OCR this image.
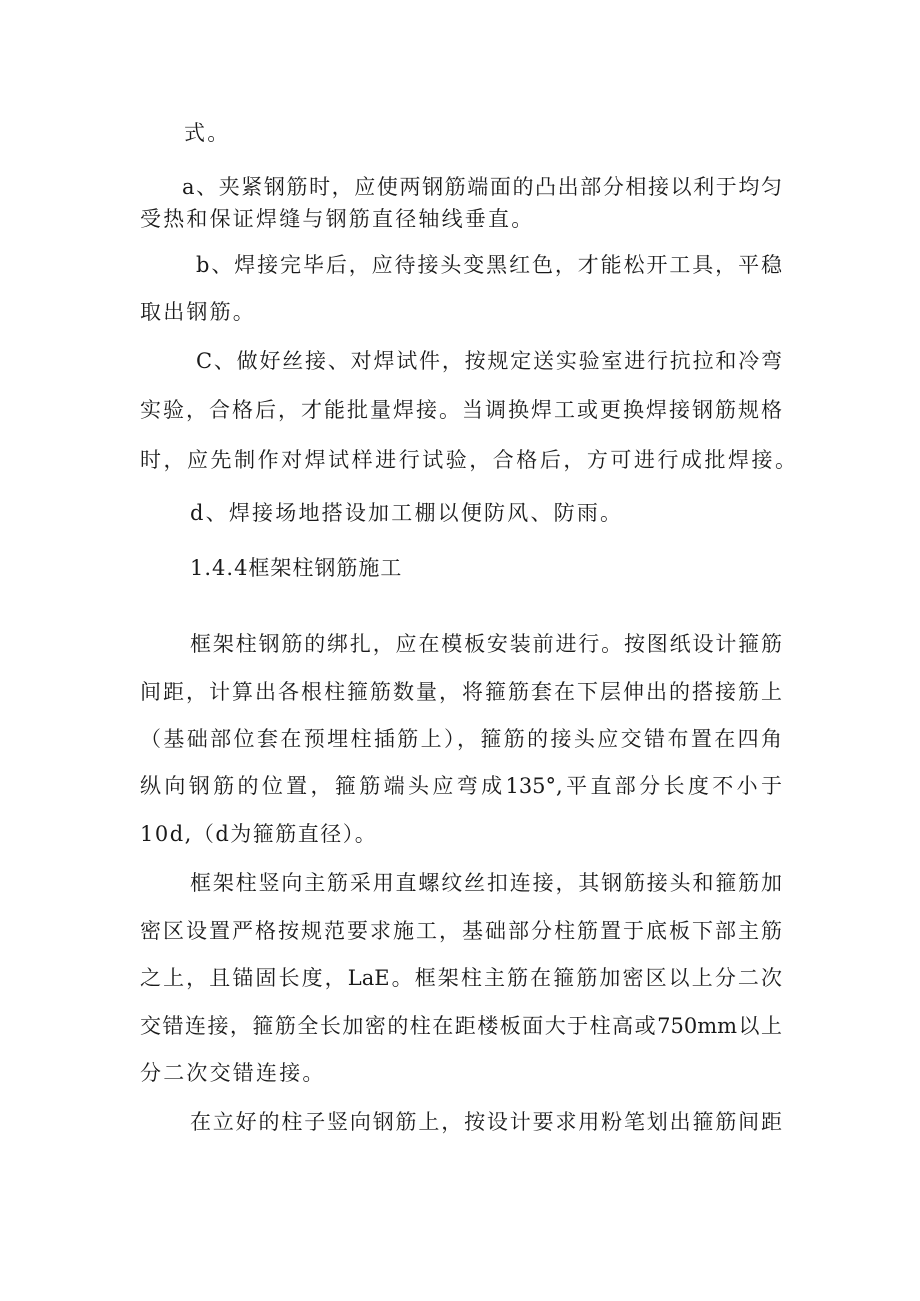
式。

a、夹紧钢筋时，应使两钢筋端面的凸出部分相接以利于均匀

受热和保证焊缝与钢筋直径轴线垂直。

b、焊接完毕后，应待接头变黑红色，才能松开工具，平稳

取出钢筋。

C、做好丝接、对焊试件，按规定送实验室进行抗拉和冷弯

实验，合格后，才能批量焊接。当调换焊工或更换焊接钢筋规格

时，应先制作对焊试样进行试验，合格后，方可进行成批焊接。

d、焊接场地搭设加工棚以便防风、防雨。

1.4.4框架柱钢筋施工

框架柱钢筋的绑扎，应在模板安装前进行。按图纸设计箍筋

间距，计算出各根柱箍筋数量，将箍筋套在下层伸出的搭接筋上

（基础部位套在预埋柱插筋上），箍筋的接头应交错布置在四角

纵向钢筋的位置，箍筋端头应弯成135°,平直部分长度不小于

10d,（d为箍筋直径）。

框架柱竖向主筋采用直螺纹丝扣连接，其钢筋接头和箍筋加

密区设置严格按规范要求施工，基础部分柱筋置于底板下部主筋

之上，且锚固长度，LaE。框架柱主筋在箍筋加密区以上分二次

交错连接，箍筋全长加密的柱在距楼板面大于柱高或750mm以上

分二次交错连接。

在立好的柱子竖向钢筋上，按设计要求用粉笔划出箍筋间距
